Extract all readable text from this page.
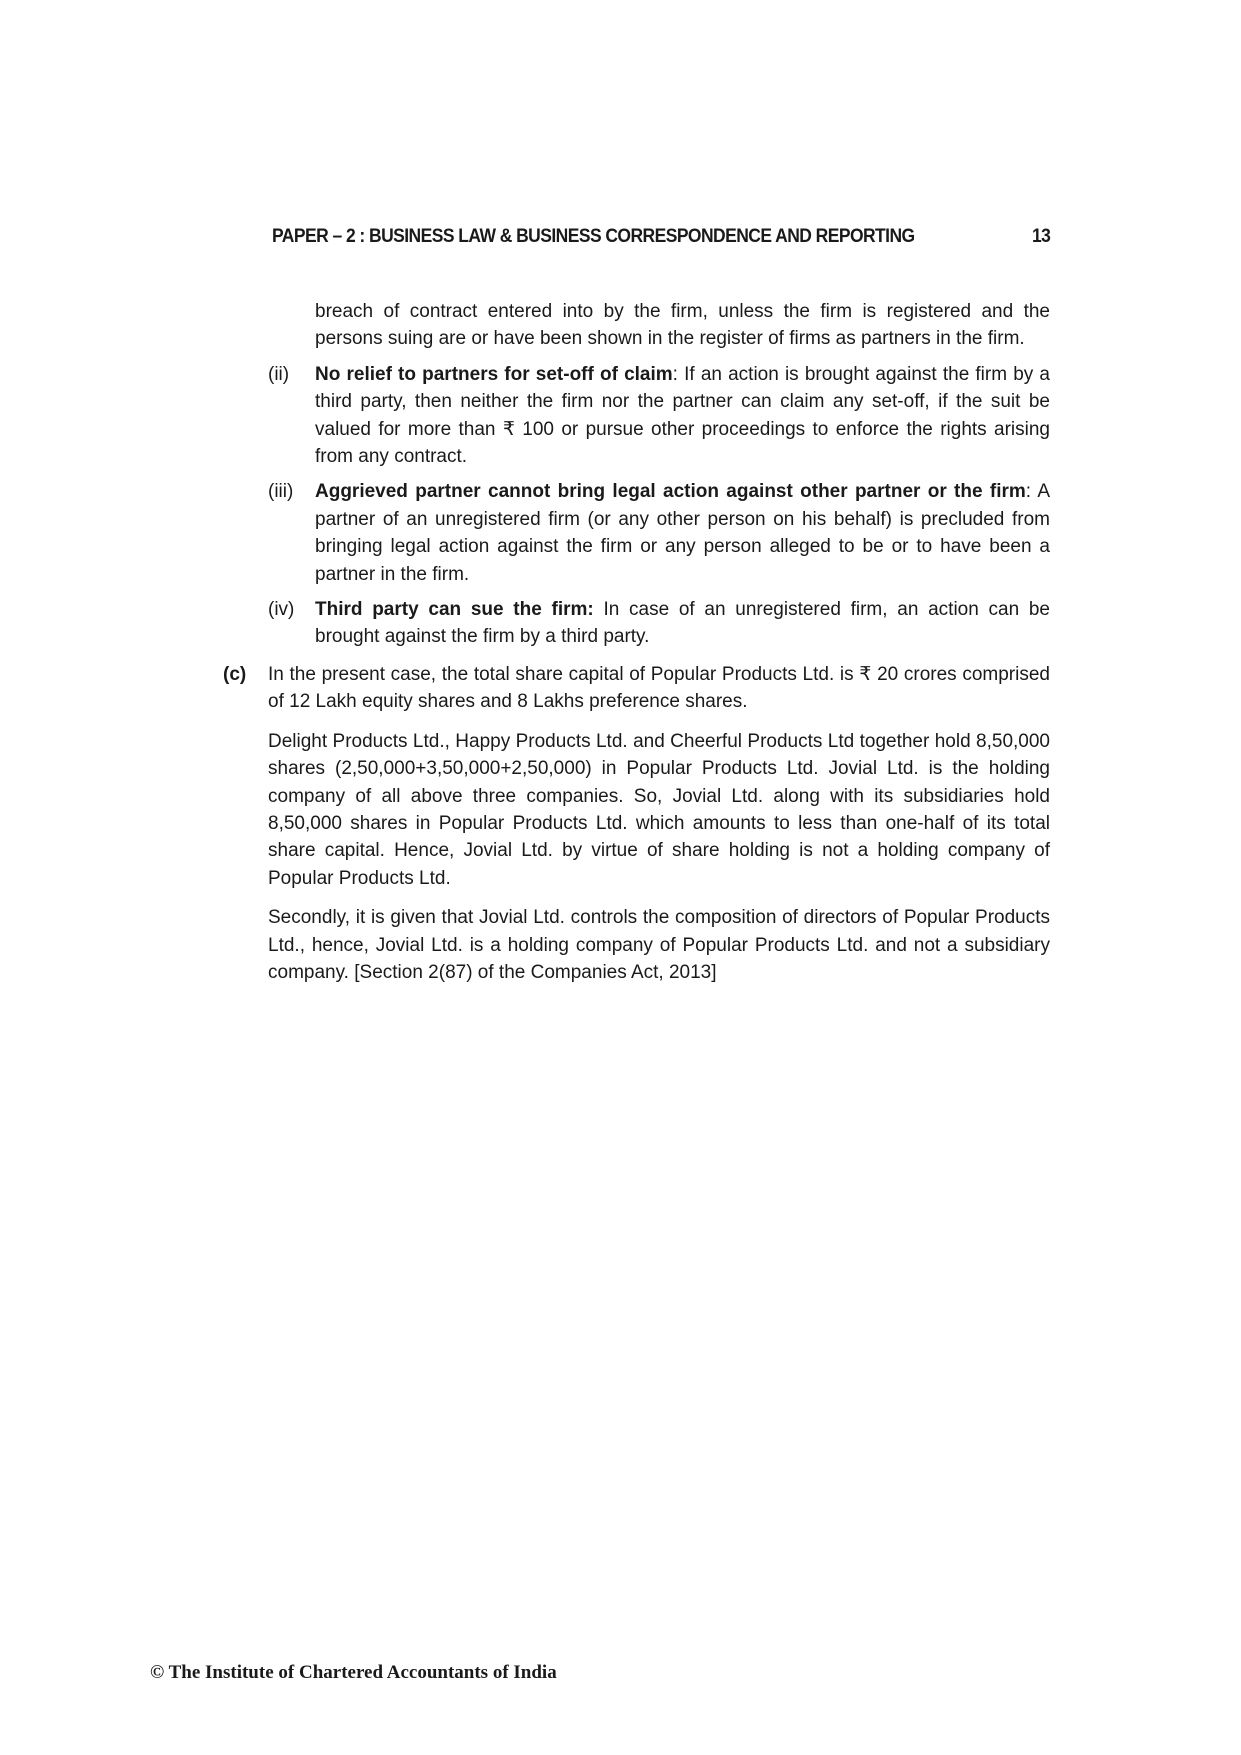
PAPER – 2 : BUSINESS LAW & BUSINESS CORRESPONDENCE AND REPORTING	13

breach of contract entered into by the firm, unless the firm is registered and the persons suing are or have been shown in the register of firms as partners in the firm.

(ii)	No relief to partners for set-off of claim: If an action is brought against the firm by a third party, then neither the firm nor the partner can claim any set-off, if the suit be valued for more than ₹ 100 or pursue other proceedings to enforce the rights arising from any contract.
(iii)	Aggrieved partner cannot bring legal action against other partner or the firm: A partner of an unregistered firm (or any other person on his behalf) is precluded from bringing legal action against the firm or any person alleged to be or to have been a partner in the firm.
(iv)	Third party can sue the firm: In case of an unregistered firm, an action can be brought against the firm by a third party.
(c)	In the present case, the total share capital of Popular Products Ltd. is ₹ 20 crores comprised of 12 Lakh equity shares and 8 Lakhs preference shares.

Delight Products Ltd., Happy Products Ltd. and Cheerful Products Ltd together hold 8,50,000 shares (2,50,000+3,50,000+2,50,000) in Popular Products Ltd. Jovial Ltd. is the holding company of all above three companies. So, Jovial Ltd. along with its subsidiaries hold 8,50,000 shares in Popular Products Ltd. which amounts to less than one-half of its total share capital. Hence, Jovial Ltd. by virtue of share holding is not a holding company of Popular Products Ltd.

Secondly, it is given that Jovial Ltd. controls the composition of directors of Popular Products Ltd., hence, Jovial Ltd. is a holding company of Popular Products Ltd. and not a subsidiary company. [Section 2(87) of the Companies Act, 2013]

© The Institute of Chartered Accountants of India
